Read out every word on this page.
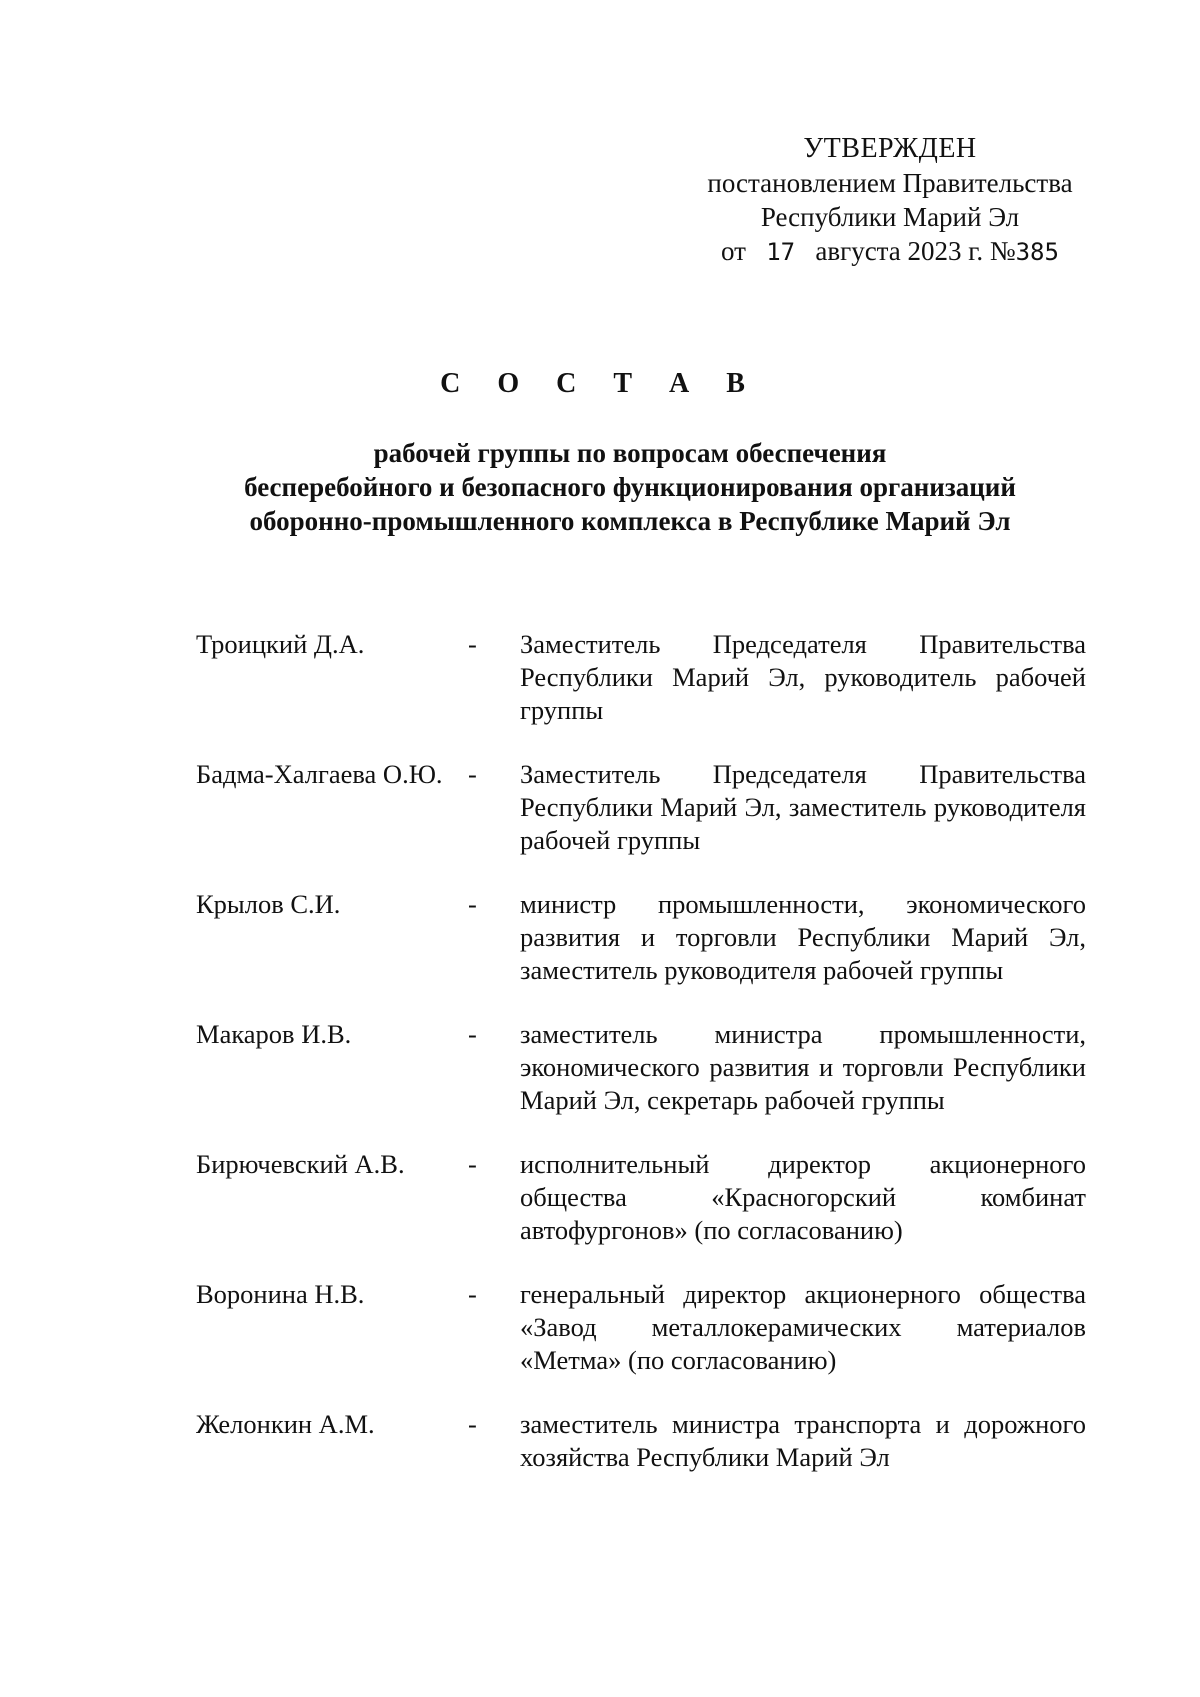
УТВЕРЖДЕН
постановлением Правительства
Республики Марий Эл
от 17 августа 2023 г. №385
С О С Т А В
рабочей группы по вопросам обеспечения
бесперебойного и безопасного функционирования организаций
оборонно-промышленного комплекса в Республике Марий Эл
Троицкий Д.А.	-	Заместитель Председателя Правительства Республики Марий Эл, руководитель рабочей группы
Бадма-Халгаева О.Ю. -	Заместитель Председателя Правительства Республики Марий Эл, заместитель руководителя рабочей группы
Крылов С.И.	-	министр промышленности, экономического развития и торговли Республики Марий Эл, заместитель руководителя рабочей группы
Макаров И.В.	-	заместитель министра промышленности, экономического развития и торговли Республики Марий Эл, секретарь рабочей группы
Бирючевский А.В.	-	исполнительный директор акционерного общества «Красногорский комбинат автофургонов» (по согласованию)
Воронина Н.В.	-	генеральный директор акционерного общества «Завод металлокерамических материалов «Метма» (по согласованию)
Желонкин А.М.	-	заместитель министра транспорта и дорожного хозяйства Республики Марий Эл
